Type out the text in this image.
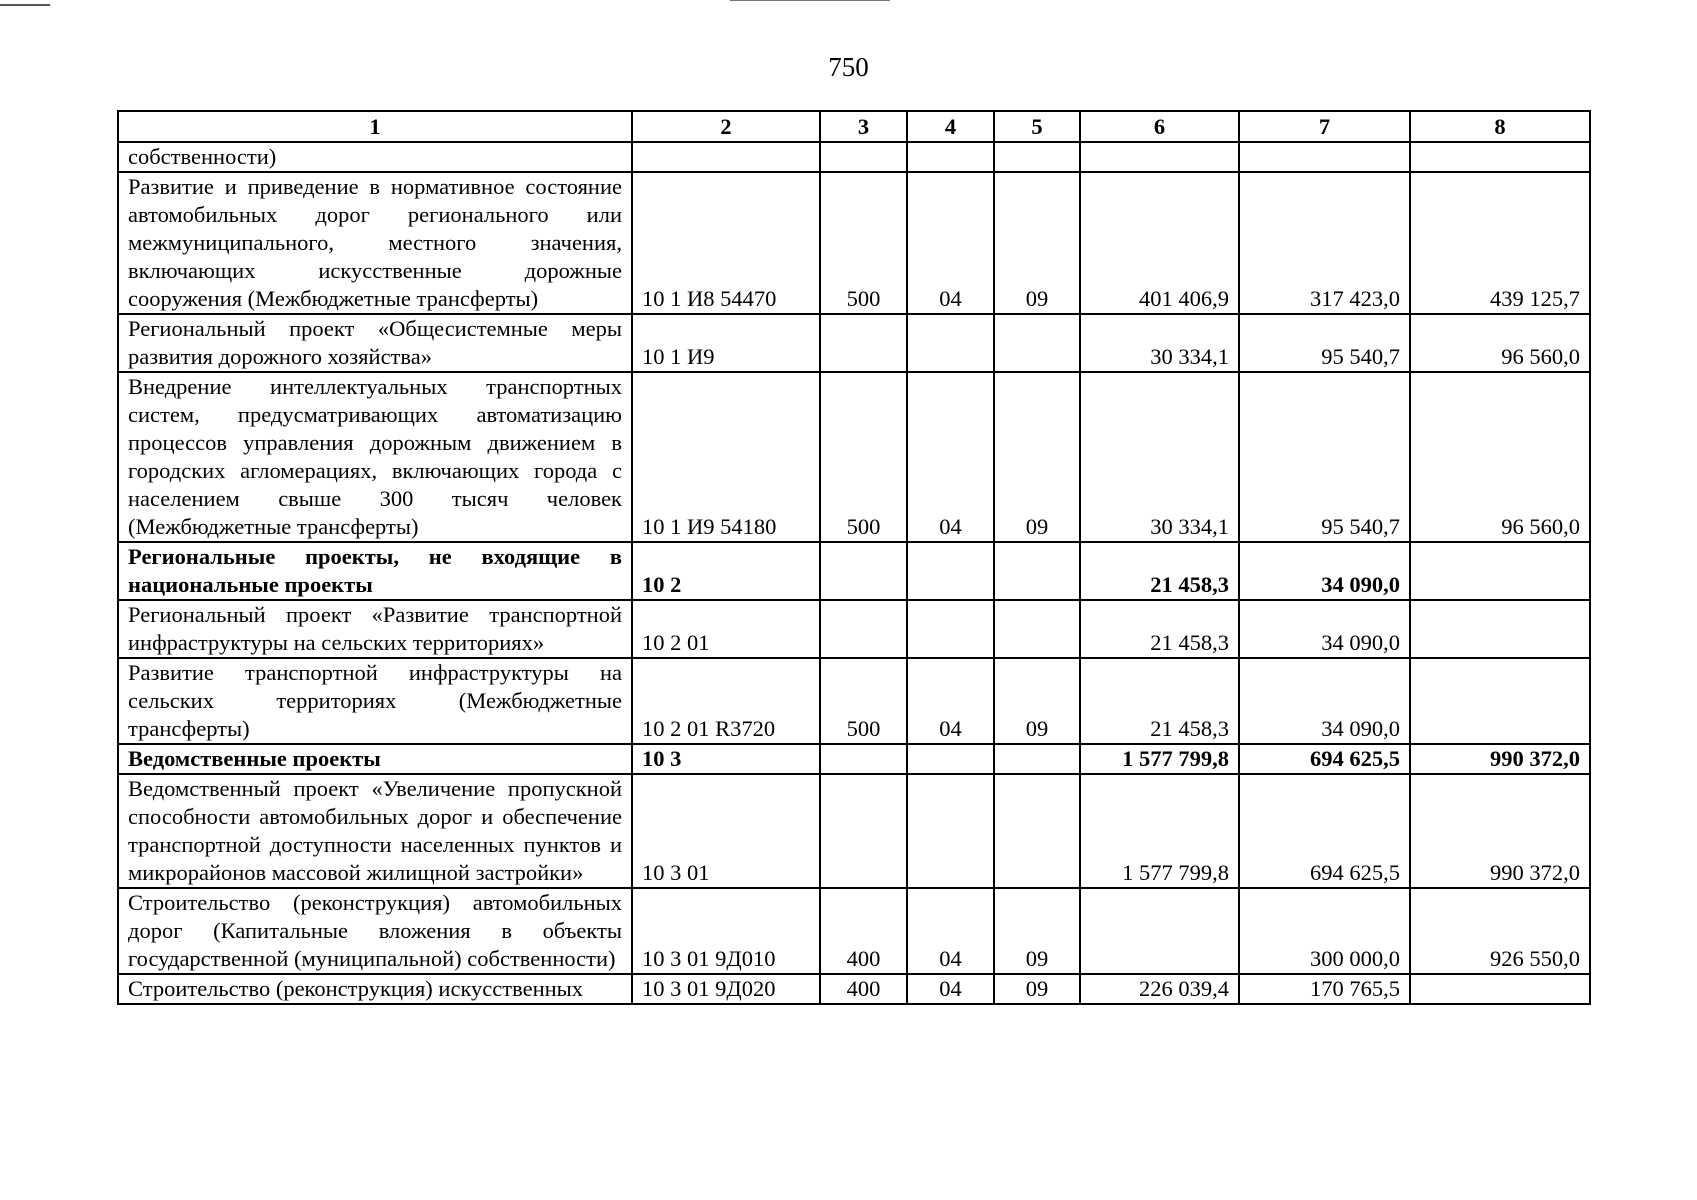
750
1	2	3	4	5	6	7	8
собственности)							
Развитие и приведение в нормативное состояние автомобильных дорог регионального или межмуниципального, местного значения, включающих искусственные дорожные сооружения (Межбюджетные трансферты)	10 1 И8 54470	500	04	09	401 406,9	317 423,0	439 125,7
Региональный проект «Общесистемные меры развития дорожного хозяйства»	10 1 И9				30 334,1	95 540,7	96 560,0
Внедрение интеллектуальных транспортных систем, предусматривающих автоматизацию процессов управления дорожным движением в городских агломерациях, включающих города с населением свыше 300 тысяч человек (Межбюджетные трансферты)	10 1 И9 54180	500	04	09	30 334,1	95 540,7	96 560,0
Региональные проекты, не входящие в национальные проекты	10 2				21 458,3	34 090,0	
Региональный проект «Развитие транспортной инфраструктуры на сельских территориях»	10 2 01				21 458,3	34 090,0	
Развитие транспортной инфраструктуры на сельских территориях (Межбюджетные трансферты)	10 2 01 R3720	500	04	09	21 458,3	34 090,0	
Ведомственные проекты	10 3				1 577 799,8	694 625,5	990 372,0
Ведомственный проект «Увеличение пропускной способности автомобильных дорог и обеспечение транспортной доступности населенных пунктов и микрорайонов массовой жилищной застройки»	10 3 01				1 577 799,8	694 625,5	990 372,0
Строительство (реконструкция) автомобильных дорог (Капитальные вложения в объекты государственной (муниципальной) собственности)	10 3 01 9Д010	400	04	09		300 000,0	926 550,0
Строительство (реконструкция) искусственных	10 3 01 9Д020	400	04	09	226 039,4	170 765,5	
